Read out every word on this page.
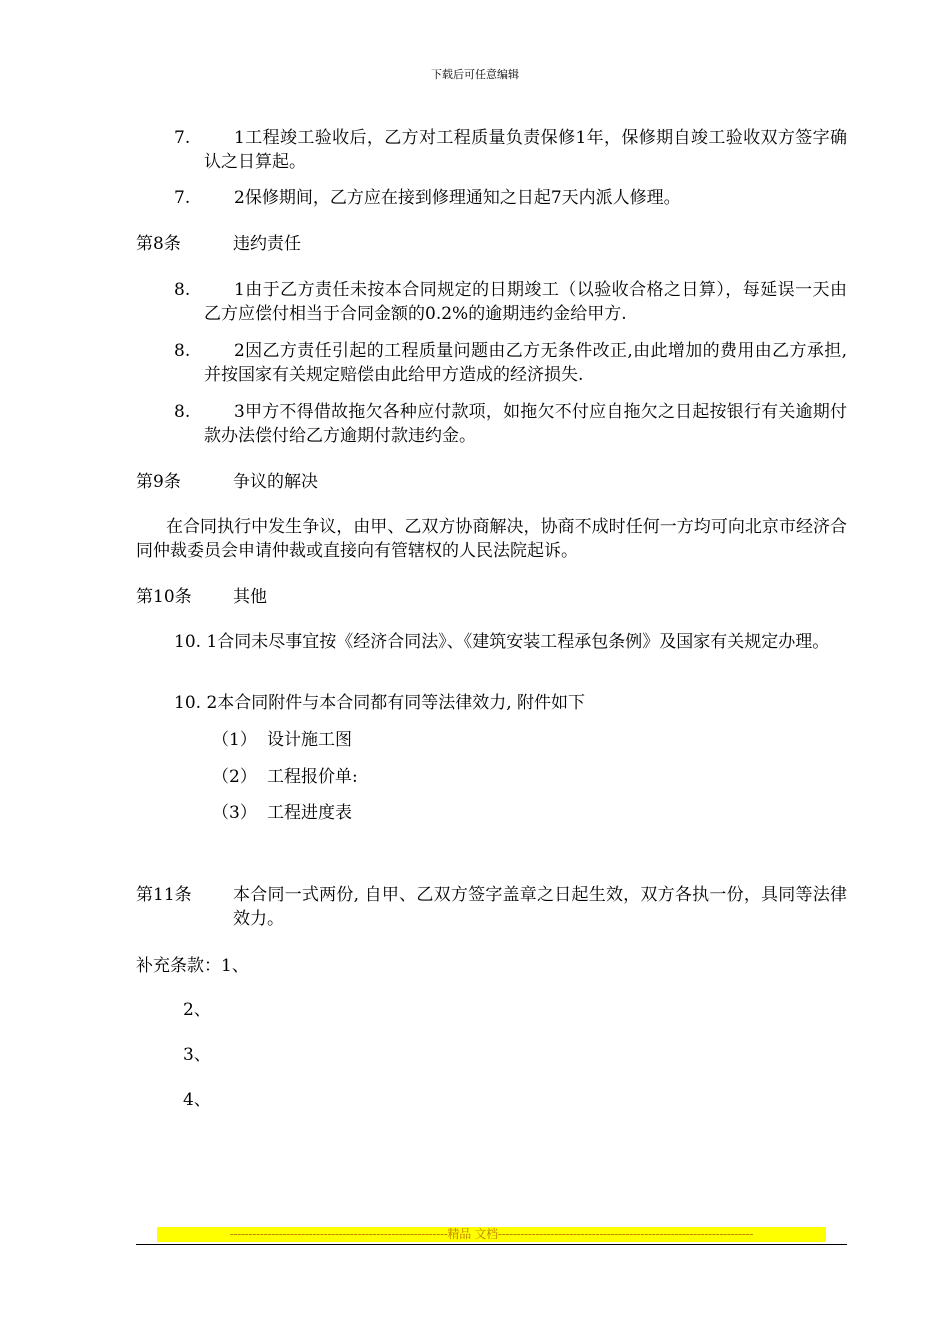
下载后可任意编辑
7.	1工程竣工验收后，乙方对工程质量负责保修1年，保修期自竣工验收双方签字确认之日算起。
7.	2保修期间，乙方应在接到修理通知之日起7天内派人修理。
第8条	违约责任
8.	1由于乙方责任未按本合同规定的日期竣工（以验收合格之日算），每延误一天由乙方应偿付相当于合同金额的0.2%的逾期违约金给甲方.
8.	2因乙方责任引起的工程质量问题由乙方无条件改正,由此增加的费用由乙方承担,并按国家有关规定赔偿由此给甲方造成的经济损失.
8.	3甲方不得借故拖欠各种应付款项，如拖欠不付应自拖欠之日起按银行有关逾期付款办法偿付给乙方逾期付款违约金。
第9条	争议的解决
在合同执行中发生争议，由甲、乙双方协商解决，协商不成时任何一方均可向北京市经济合同仲裁委员会申请仲裁或直接向有管辖权的人民法院起诉。
第10条 其他
10. 1合同未尽事宜按《经济合同法》、《建筑安装工程承包条例》及国家有关规定办理。
10. 2本合同附件与本合同都有同等法律效力, 附件如下
（1） 设计施工图
（2） 工程报价单:
（3） 工程进度表
第11条 本合同一式两份, 自甲、乙双方签字盖章之日起生效，双方各执一份，具同等法律效力。
补充条款：1、
2、
3、
4、
----------------------------------------------------------精品 文档--------------------------------------------------------------------
